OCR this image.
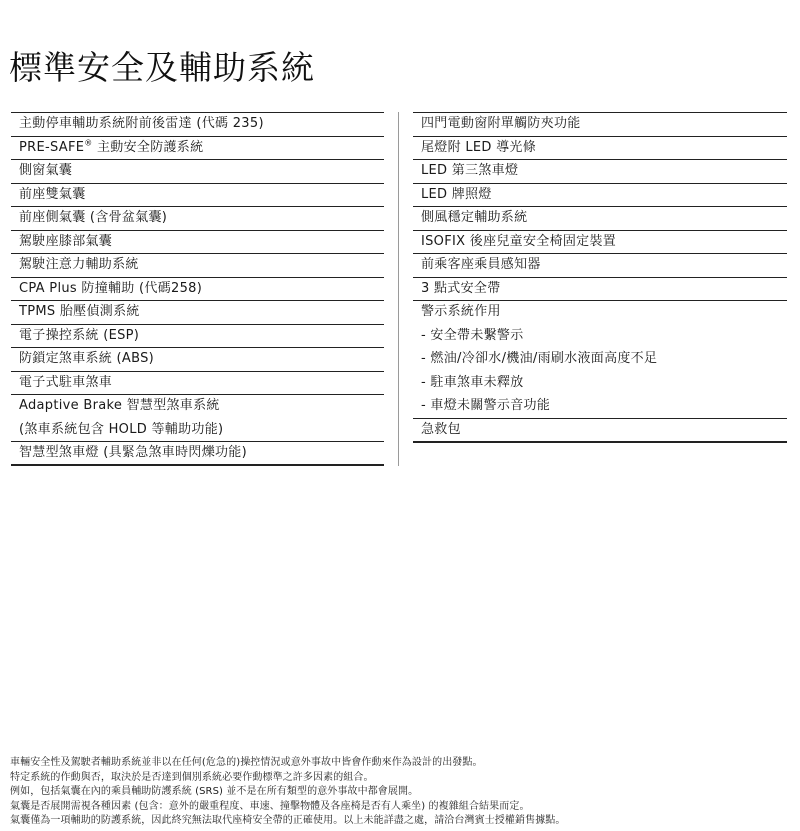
標準安全及輔助系統
主動停車輔助系統附前後雷達 (代碼 235)
PRE-SAFE® 主動安全防護系統
側窗氣囊
前座雙氣囊
前座側氣囊 (含骨盆氣囊)
駕駛座膝部氣囊
駕駛注意力輔助系統
CPA Plus 防撞輔助 (代碼258)
TPMS 胎壓偵測系統
電子操控系統 (ESP)
防鎖定煞車系統 (ABS)
電子式駐車煞車
Adaptive Brake 智慧型煞車系統
(煞車系統包含 HOLD 等輔助功能)
智慧型煞車燈 (具緊急煞車時閃爍功能)
四門電動窗附單觸防夾功能
尾燈附 LED 導光條
LED 第三煞車燈
LED 牌照燈
側風穩定輔助系統
ISOFIX 後座兒童安全椅固定裝置
前乘客座乘員感知器
3 點式安全帶
警示系統作用
- 安全帶未繫警示
- 燃油/冷卻水/機油/雨刷水液面高度不足
- 駐車煞車未釋放
- 車燈未關警示音功能
急救包
車輛安全性及駕駛者輔助系統並非以在任何(危急的)操控情況或意外事故中皆會作動來作為設計的出發點。
特定系統的作動與否，取決於是否達到個別系統必要作動標準之許多因素的組合。
例如，包括氣囊在內的乘員輔助防護系統 (SRS) 並不是在所有類型的意外事故中都會展開。
氣囊是否展開需視各種因素 (包含：意外的嚴重程度、車速、撞擊物體及各座椅是否有人乘坐) 的複雜組合結果而定。
氣囊僅為一項輔助的防護系統，因此終究無法取代座椅安全帶的正確使用。以上未能詳盡之處，請洽台灣賓士授權銷售據點。
